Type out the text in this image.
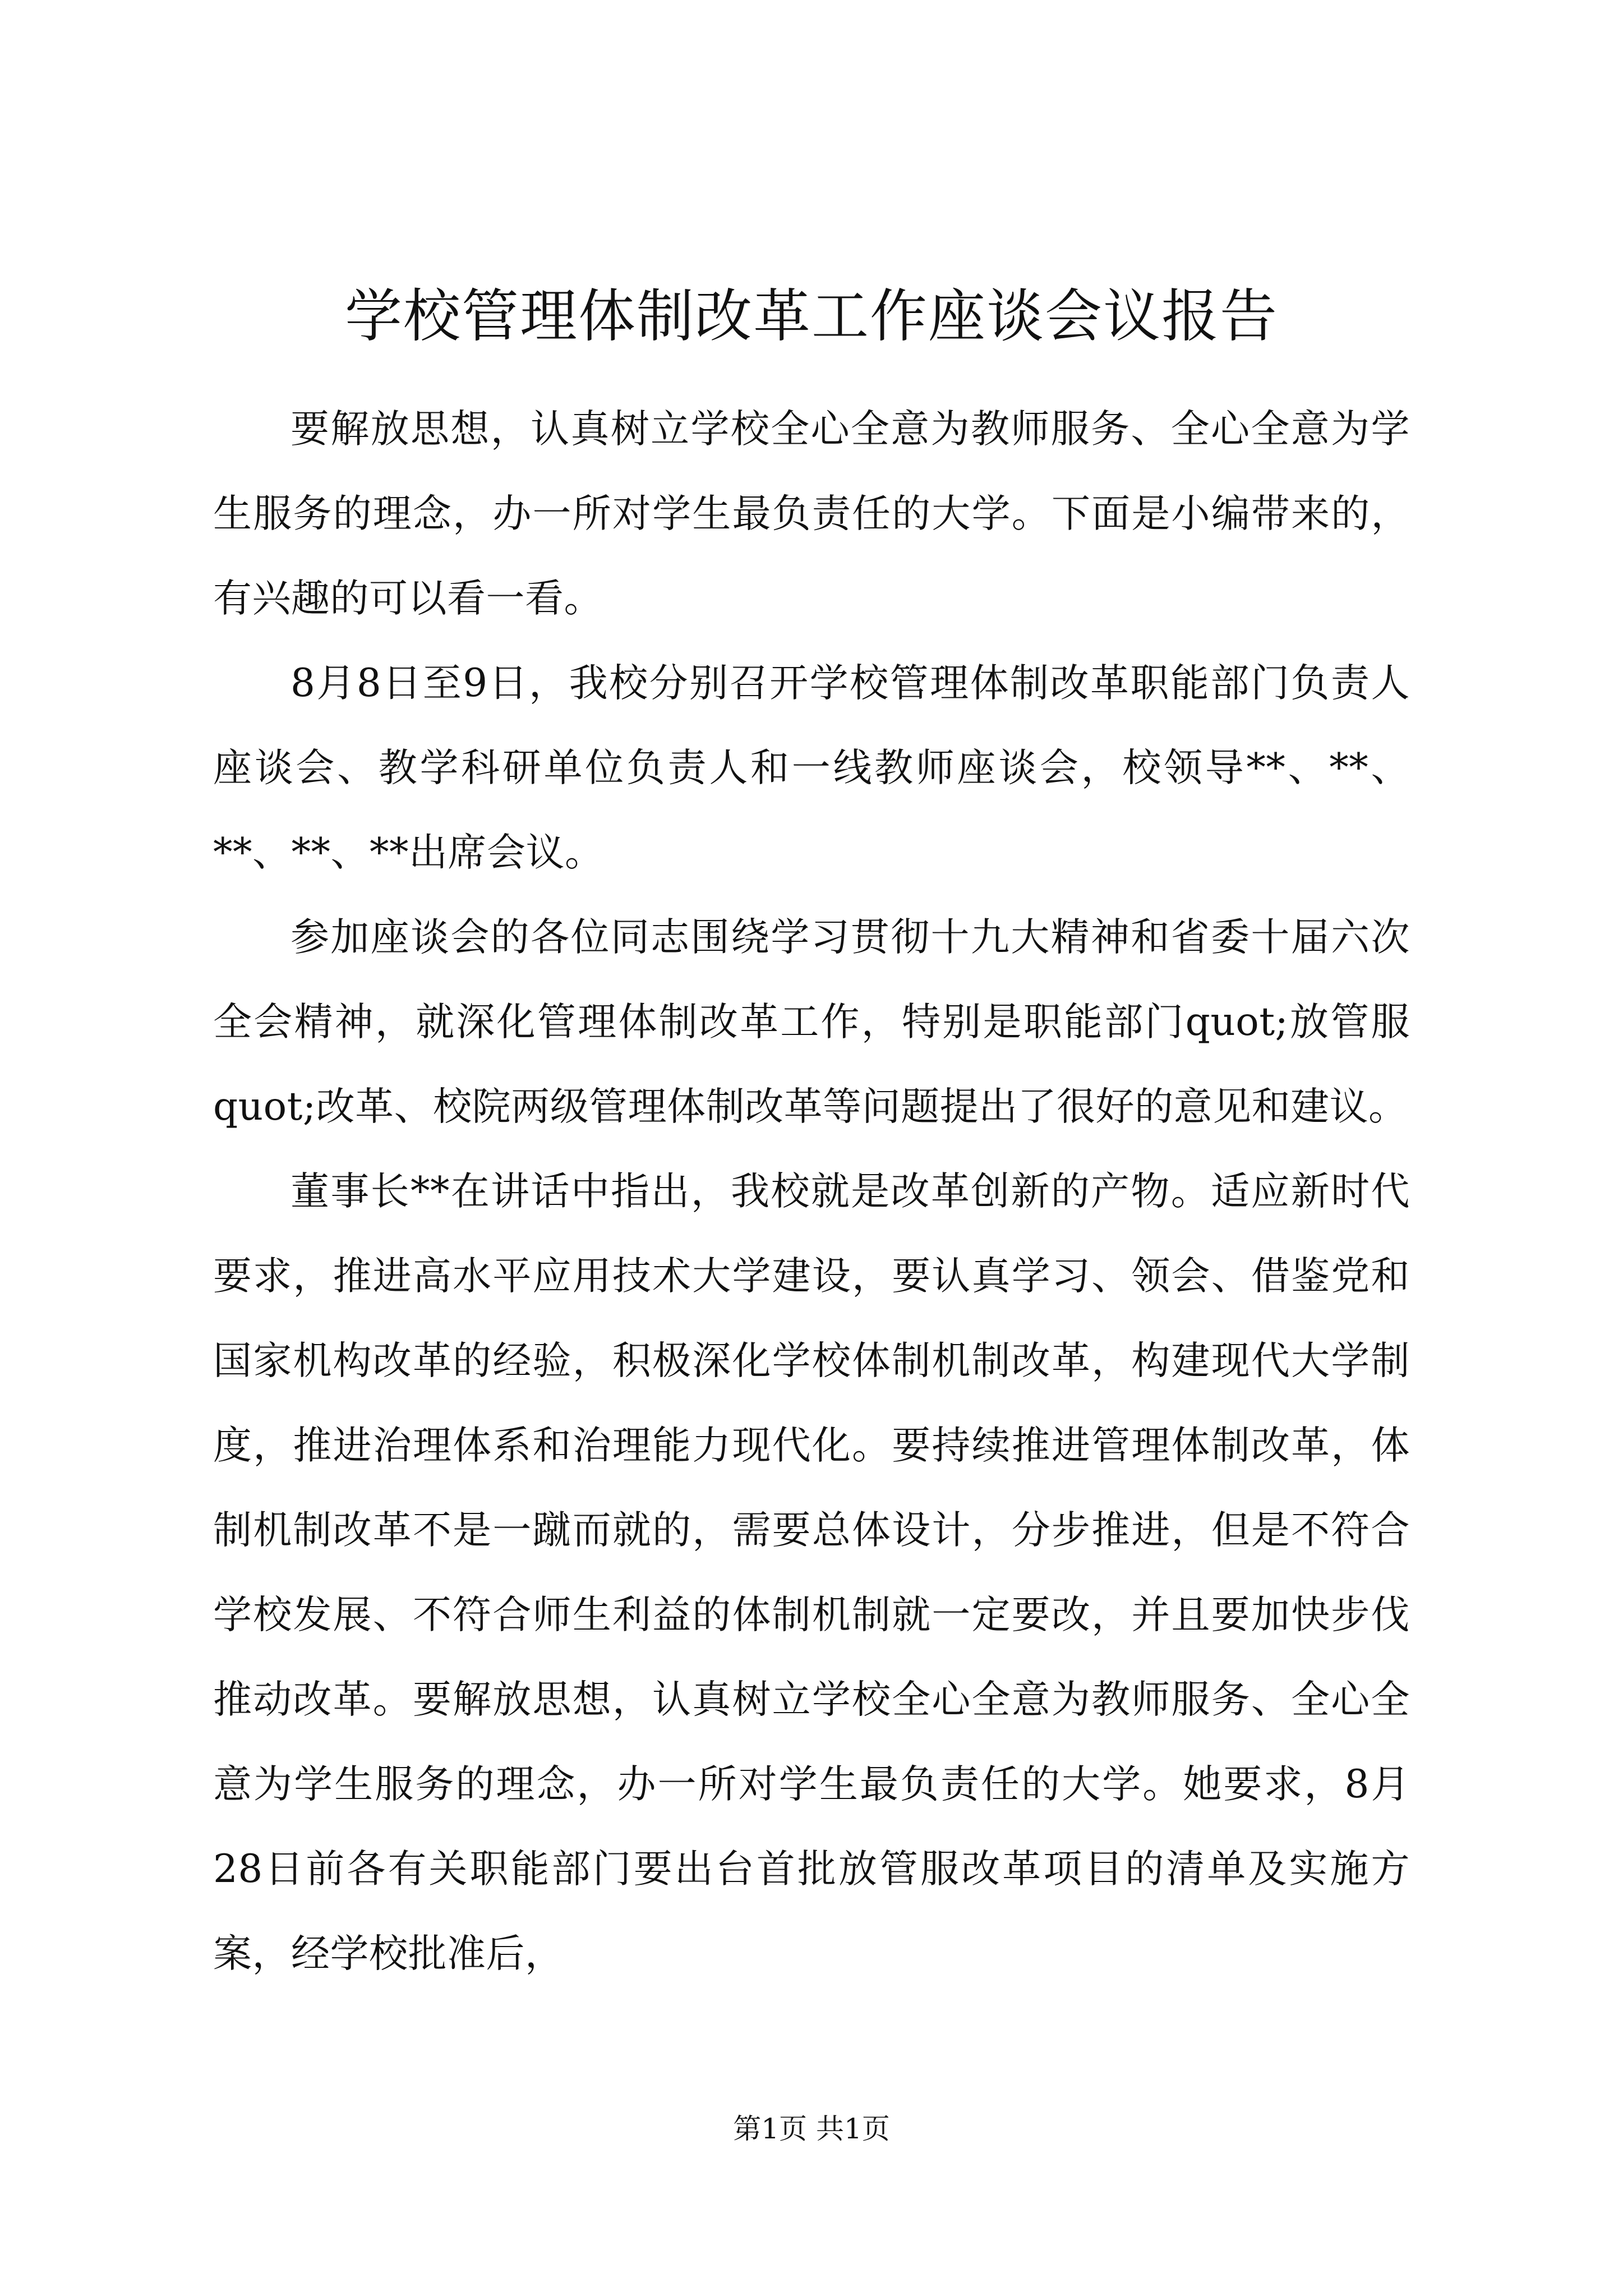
学校管理体制改革工作座谈会议报告

要解放思想，认真树立学校全心全意为教师服务、全心全意为学生服务的理念，办一所对学生最负责任的大学。下面是小编带来的，有兴趣的可以看一看。

8月8日至9日，我校分别召开学校管理体制改革职能部门负责人座谈会、教学科研单位负责人和一线教师座谈会，校领导**、**、**、**、**出席会议。

参加座谈会的各位同志围绕学习贯彻十九大精神和省委十届六次全会精神，就深化管理体制改革工作，特别是职能部门quot;放管服quot;改革、校院两级管理体制改革等问题提出了很好的意见和建议。

董事长**在讲话中指出，我校就是改革创新的产物。适应新时代要求，推进高水平应用技术大学建设，要认真学习、领会、借鉴党和国家机构改革的经验，积极深化学校体制机制改革，构建现代大学制度，推进治理体系和治理能力现代化。要持续推进管理体制改革，体制机制改革不是一蹴而就的，需要总体设计，分步推进，但是不符合学校发展、不符合师生利益的体制机制就一定要改，并且要加快步伐推动改革。要解放思想，认真树立学校全心全意为教师服务、全心全意为学生服务的理念，办一所对学生最负责任的大学。她要求，8月28日前各有关职能部门要出台首批放管服改革项目的清单及实施方案，经学校批准后，

第1页 共1页
